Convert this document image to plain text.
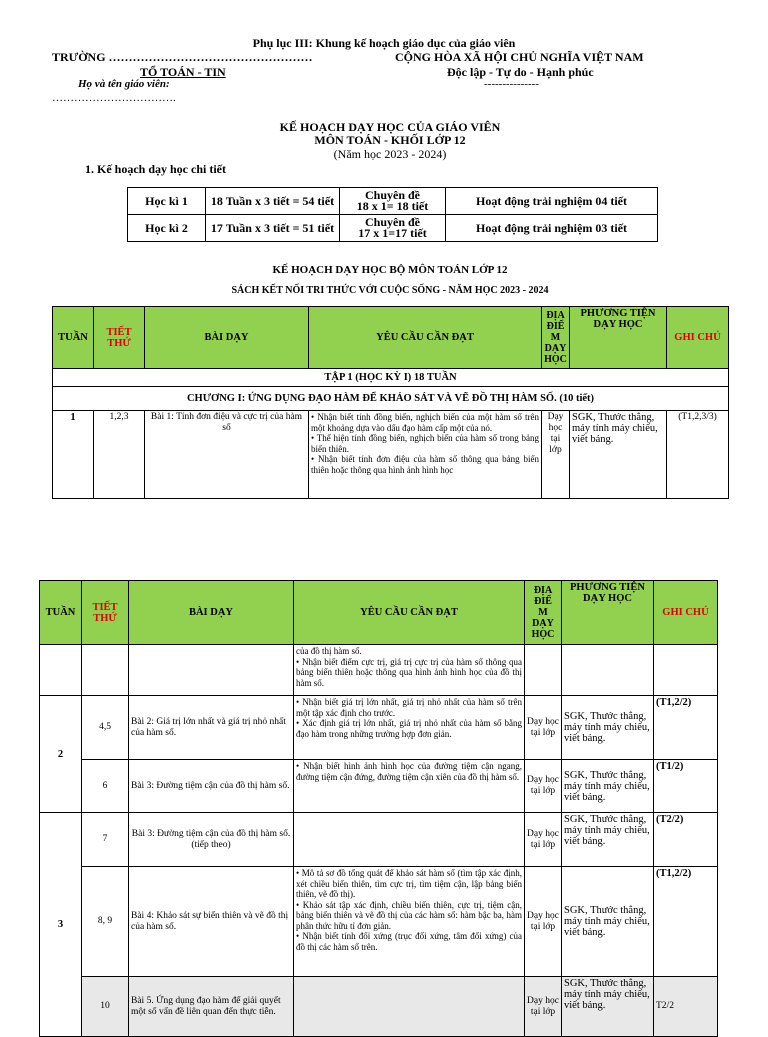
Phụ lục III: Khung kế hoạch giáo dục của giáo viên
TRƯỜNG ……………………………………………	CỘNG HÒA XÃ HỘI CHỦ NGHĨA VIỆT NAM
TỔ TOÁN - TIN	Độc lập - Tự do - Hạnh phúc
Họ và tên giáo viên:	---------------
…………………………….
KẾ HOẠCH DẠY HỌC CỦA GIÁO VIÊN
MÔN TOÁN - KHỐI LỚP 12
(Năm học 2023 - 2024)
1. Kế hoạch dạy học chi tiết
Học kì 1	18 Tuần x 3 tiết = 54 tiết	Chuyên đề
18 x 1= 18 tiết	Hoạt động trải nghiệm 04 tiết
Học kì 2	17 Tuần x 3 tiết = 51 tiết	Chuyên đề
17 x 1=17 tiết	Hoạt động trải nghiệm 03 tiết
KẾ HOẠCH DẠY HỌC BỘ MÔN TOÁN LỚP 12
SÁCH KẾT NỐI TRI THỨC VỚI CUỘC SỐNG - NĂM HỌC 2023 - 2024
TUẦN	TIẾT THỨ	BÀI DẠY	YÊU CẦU CẦN ĐẠT	ĐỊA
ĐIỂ
M
DẠY
HỌC	PHƯƠNG TIỆN DẠY HỌC	GHI CHÚ
TẬP 1 (HỌC KỲ I) 18 TUẦN						
CHƯƠNG I: ỨNG DỤNG ĐẠO HÀM ĐỂ KHẢO SÁT VÀ VẼ ĐỒ THỊ HÀM SỐ. (10 tiết)						
1	1,2,3	Bài 1: Tính đơn điệu và cực trị của hàm số	• Nhận biết tính đồng biến, nghịch biến của một hàm số trên một khoảng dựa vào dấu đạo hàm cấp một của nó.
• Thể hiện tính đồng biến, nghịch biến của hàm số trong bảng biến thiên.
• Nhận biết tính đơn điệu của hàm số thông qua bảng biến thiên hoặc thông qua hình ảnh hình học	Dạy học tại lớp	SGK, Thước thẳng, máy tính máy chiếu, viết bảng.	(T1,2,3/3)
TUẦN	TIẾT THỨ	BÀI DẠY	YÊU CẦU CẦN ĐẠT	ĐỊA
ĐIỂ
M
DẠY
HỌC	PHƯƠNG TIỆN DẠY HỌC	GHI CHÚ
			của đồ thị hàm số.
• Nhận biết điểm cực trị, giá trị cực trị của hàm số thông qua bảng biến thiên hoặc thông qua hình ảnh hình học của đồ thị hàm số.			
2	4,5	Bài 2: Giá trị lớn nhất và giá trị nhỏ nhất của hàm số.	• Nhận biết giá trị lớn nhất, giá trị nhỏ nhất của hàm số trên một tập xác định cho trước.
• Xác định giá trị lớn nhất, giá trị nhỏ nhất của hàm số bằng đạo hàm trong những trường hợp đơn giản.	Dạy học tại lớp	SGK, Thước thẳng, máy tính máy chiếu, viết bảng.	(T1,2/2)
	6	Bài 3: Đường tiệm cận của đồ thị hàm số.	• Nhận biết hình ảnh hình học của đường tiệm cận ngang, đường tiệm cận đứng, đường tiệm cận xiên của đồ thị hàm số.	Dạy học tại lớp	SGK, Thước thẳng, máy tính máy chiếu, viết bảng.	(T1/2)
3	7	Bài 3: Đường tiệm cận của đồ thị hàm số.
(tiếp theo)		Dạy học tại lớp	SGK, Thước thẳng, máy tính máy chiếu, viết bảng.	(T2/2)
	8, 9	Bài 4: Khảo sát sự biến thiên và vẽ đồ thị của hàm số.	• Mô tả sơ đồ tổng quát để khảo sát hàm số (tìm tập xác định, xét chiều biến thiên, tìm cực trị, tìm tiệm cận, lập bảng biến thiên, vẽ đồ thị).
• Khảo sát tập xác định, chiều biến thiên, cực trị, tiệm cận, bảng biến thiên và vẽ đồ thị của các hàm số: hàm bậc ba, hàm phân thức hữu tỉ đơn giản.
• Nhận biết tính đối xứng (trục đối xứng, tâm đối xứng) của đồ thị các hàm số trên.	Dạy học tại lớp	SGK, Thước thẳng, máy tính máy chiếu, viết bảng.	(T1,2/2)
	10	Bài 5. Ứng dụng đạo hàm để giải quyết một số vấn đề liên quan đến thực tiễn.		Dạy học tại lớp	SGK, Thước thẳng, máy tính máy chiếu, viết bảng.	T2/2
